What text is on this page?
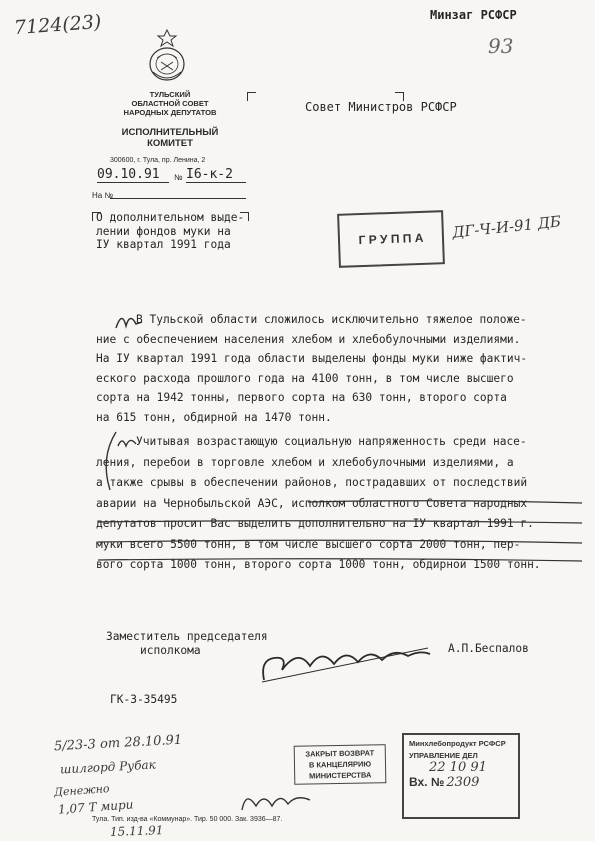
7124(23)	Минзаг РСФСР
93
ТУЛЬСКИЙ
ОБЛАСТНОЙ СОВЕТ
НАРОДНЫХ ДЕПУТАТОВ
ИСПОЛНИТЕЛЬНЫЙ
КОМИТЕТ
300600, г. Тула, пр. Ленина, 2
09.10.91	№ I6-к-2
На №
Совет Министров РСФСР
О дополнительном выде-
лении фондов муки на
IУ квартал 1991 года	Г Р У П П А	ДГ-Ч-И-91 ДБ
В Тульской области сложилось исключительно тяжелое положе-
ние с обеспечением населения хлебом и хлебобулочными изделиями.
На IУ квартал 1991 года области выделены фонды муки ниже фактич-
еского расхода прошлого года на 4100 тонн, в том числе высшего
сорта на 1942 тонны, первого сорта на 630 тонн, второго сорта
на 615 тонн, обдирной на 1470 тонн.
Учитывая возрастающую социальную напряженность среди насе-
ления, перебои в торговле хлебом и хлебобулочными изделиями, а
а также срывы в обеспечении районов, пострадавших от последствий
аварии на Чернобыльской АЭС, исполком областного Совета народных
депутатов просит Вас выделить дополнительно на IУ квартал 1991 г.
муки всего 5500 тонн, в том числе высшего сорта 2000 тонн, пер-
вого сорта 1000 тонн, второго сорта 1000 тонн, обдирной 1500 тонн.
Заместитель председателя
исполкома	А.П.Беспалов
ГК-3-35495
5/23-3 от 28.10.91
шилгорд Рубак
Денежно
1,07 Т мири
15.11.91
ЗАКРЫТ ВОЗВРАТ
В КАНЦЕЛЯРИЮ
МИНИСТЕРСТВА
Минхлебопродукт РСФСР
УПРАВЛЕНИЕ ДЕЛ
22 10 91
Вх. № 2309
Тула. Тип. изд-ва «Коммунар». Тир. 50 000. Зак. 3936—87.
